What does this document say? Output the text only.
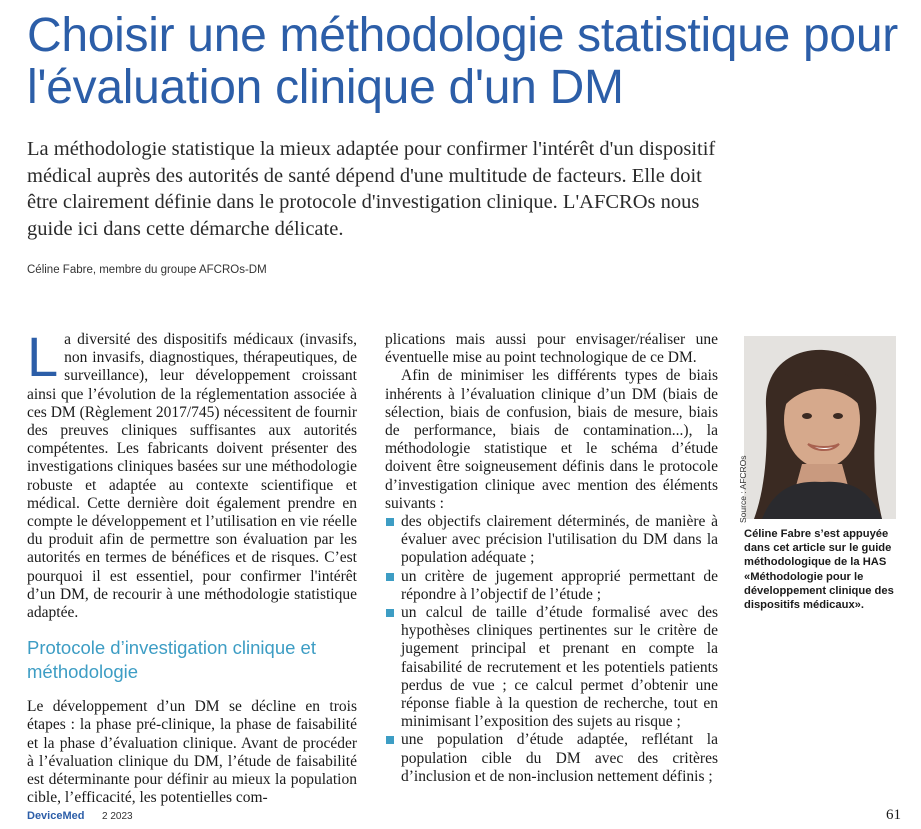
Choisir une méthodologie statistique pour l'évaluation clinique d'un DM

La méthodologie statistique la mieux adaptée pour confirmer l'intérêt d'un dispositif médical auprès des autorités de santé dépend d'une multitude de facteurs. Elle doit être clairement définie dans le protocole d'investigation clinique. L'AFCROs nous guide ici dans cette démarche délicate.

Céline Fabre, membre du groupe AFCROs-DM

La diversité des dispositifs médicaux (invasifs, non invasifs, diagnostiques, thérapeutiques, de surveillance), leur développement croissant ainsi que l’évolution de la réglementation associée à ces DM (Règlement 2017/745) nécessitent de fournir des preuves cliniques suffisantes aux autorités compétentes. Les fabricants doivent présenter des investigations cliniques basées sur une méthodologie robuste et adaptée au contexte scientifique et médical. Cette dernière doit également prendre en compte le développement et l’utilisation en vie réelle du produit afin de permettre son évaluation par les autorités en termes de bénéfices et de risques. C’est pourquoi il est essentiel, pour confirmer l'intérêt d’un DM, de recourir à une méthodologie statistique adaptée.

Protocole d’investigation clinique et méthodologie

Le développement d’un DM se décline en trois étapes : la phase pré-clinique, la phase de faisabilité et la phase d’évaluation clinique. Avant de procéder à l’évaluation clinique du DM, l’étude de faisabilité est déterminante pour définir au mieux la population cible, l’efficacité, les potentielles com-

plications mais aussi pour envisager/réaliser une éventuelle mise au point technologique de ce DM.

Afin de minimiser les différents types de biais inhérents à l’évaluation clinique d’un DM (biais de sélection, biais de confusion, biais de mesure, biais de performance, biais de contamination...), la méthodologie statistique et le schéma d’étude doivent être soigneusement définis dans le protocole d’investigation clinique avec mention des éléments suivants :

des objectifs clairement déterminés, de manière à évaluer avec précision l'utilisation du DM dans la population adéquate ;
un critère de jugement approprié permettant de répondre à l’objectif de l’étude ;
un calcul de taille d’étude formalisé avec des hypothèses cliniques pertinentes sur le critère de jugement principal et prenant en compte la faisabilité de recrutement et les potentiels patients perdus de vue ; ce calcul permet d’obtenir une réponse fiable à la question de recherche, tout en minimisant l’exposition des sujets au risque ;
une population d’étude adaptée, reflétant la population cible du DM avec des critères d’inclusion et de non-inclusion nettement définis ;
Source : AFCROs

Céline Fabre s’est appuyée dans cet article sur le guide méthodologique de la HAS «Méthodologie pour le développement clinique des dispositifs médicaux».

DeviceMed 2 2023	61
